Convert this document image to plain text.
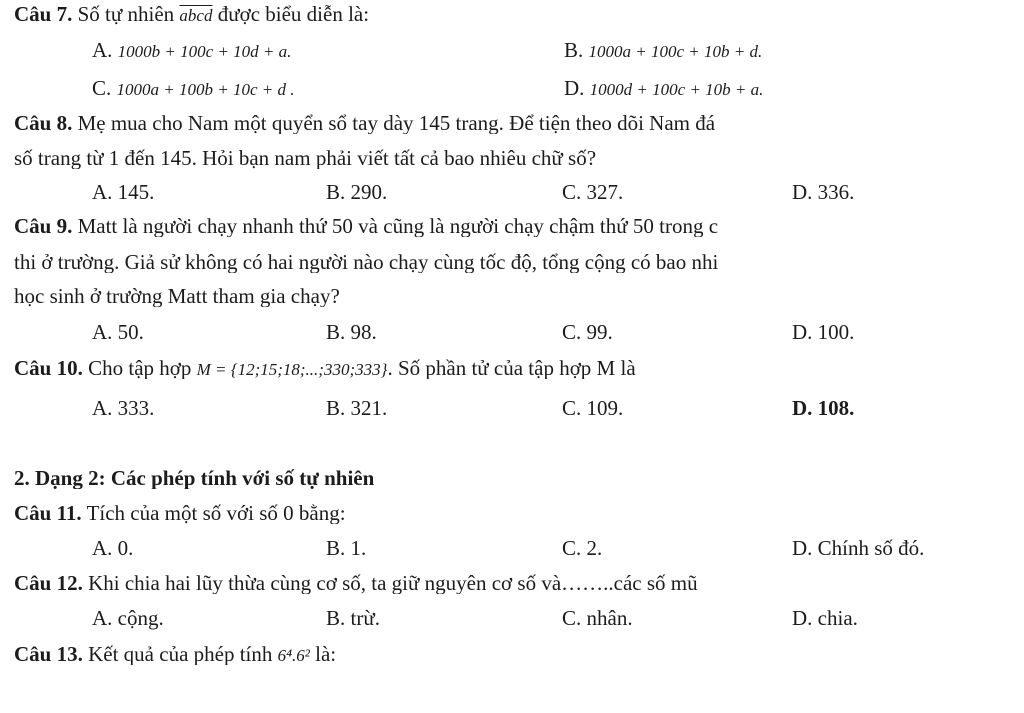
Câu 7. Số tự nhiên abcd được biểu diễn là:
A. 1000b + 100c + 10d + a.	B. 1000a + 100c + 10b + d.
C. 1000a + 100b + 10c + d .	D. 1000d + 100c + 10b + a.
Câu 8. Mẹ mua cho Nam một quyển sổ tay dày 145 trang. Để tiện theo dõi Nam đá
số trang từ 1 đến 145. Hỏi bạn nam phải viết tất cả bao nhiêu chữ số?
A. 145.	B. 290.	C. 327.	D. 336.
Câu 9. Matt là người chạy nhanh thứ 50 và cũng là người chạy chậm thứ 50 trong c
thi ở trường. Giả sử không có hai người nào chạy cùng tốc độ, tổng cộng có bao nhi
học sinh ở trường Matt tham gia chạy?
A. 50.	B. 98.	C. 99.	D. 100.
Câu 10. Cho tập hợp M = {12;15;18;...;330;333}. Số phần tử của tập hợp M là
A. 333.	B. 321.	C. 109.	D. 108.
2. Dạng 2: Các phép tính với số tự nhiên
Câu 11. Tích của một số với số 0 bằng:
A. 0.	B. 1.	C. 2.	D. Chính số đó.
Câu 12. Khi chia hai lũy thừa cùng cơ số, ta giữ nguyên cơ số và……..các số mũ
A. cộng.	B. trừ.	C. nhân.	D. chia.
Câu 13. Kết quả của phép tính 6⁴.6² là:
